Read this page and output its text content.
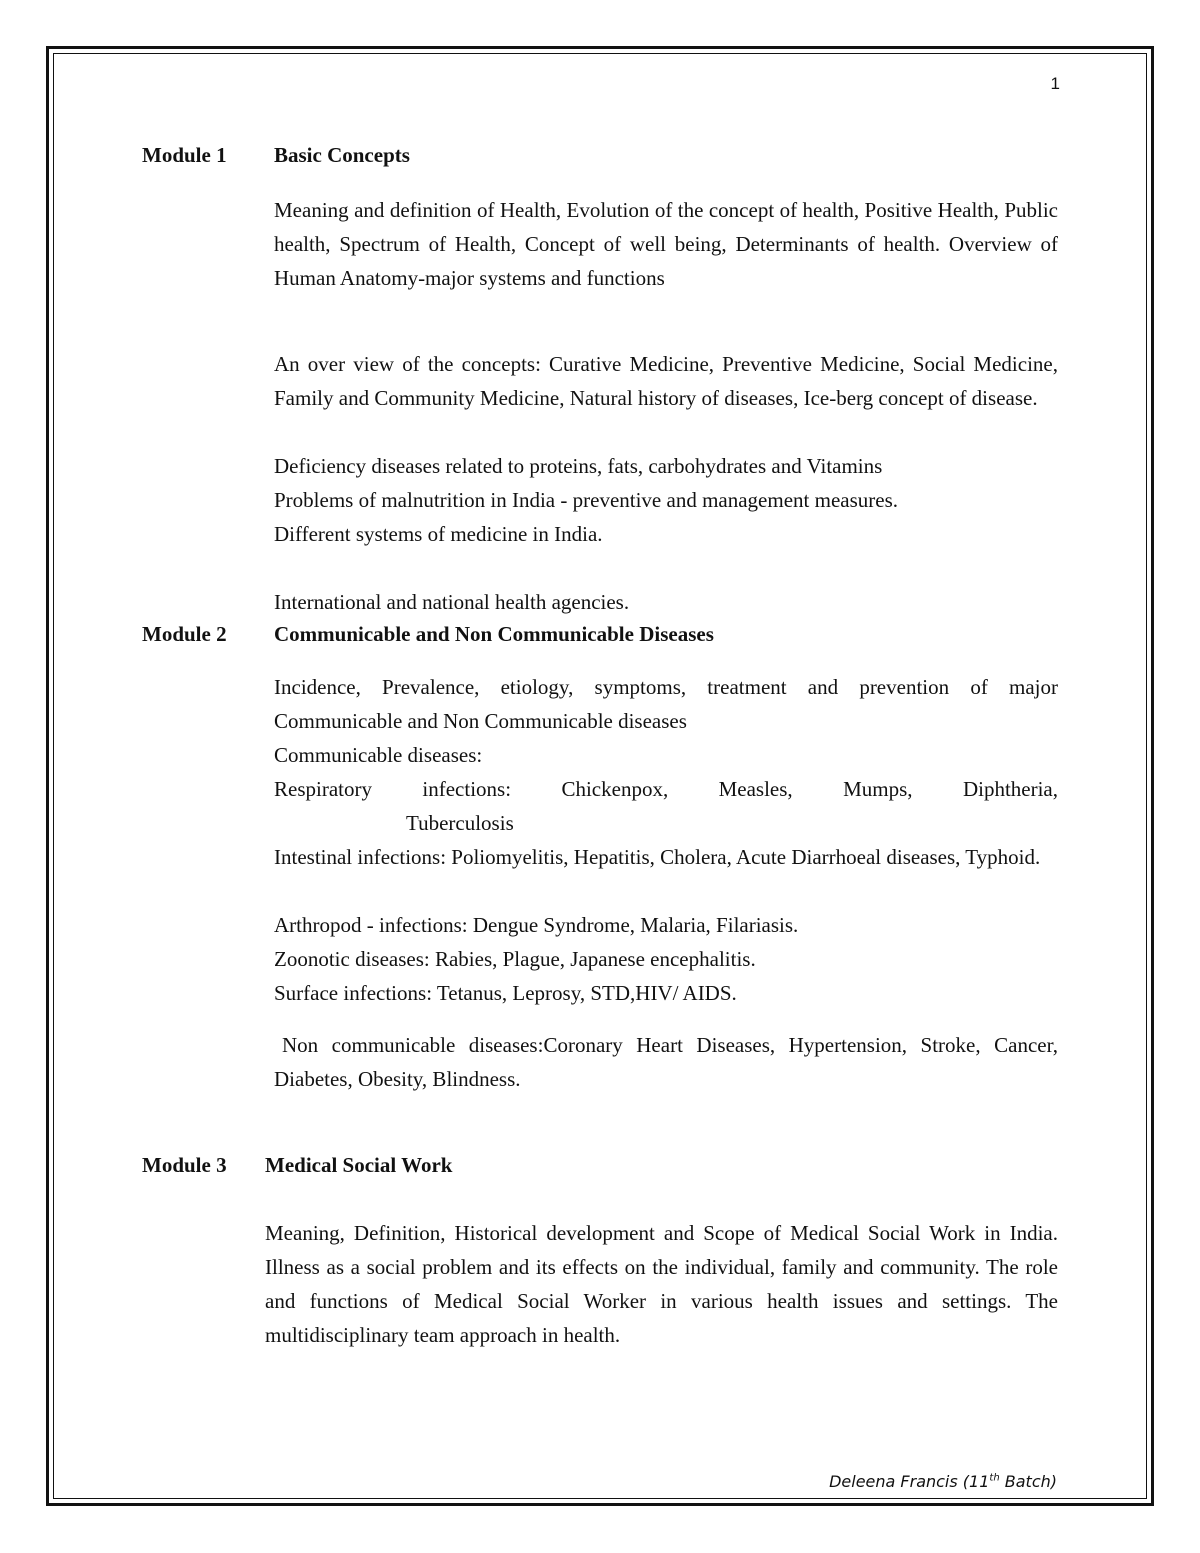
1
Module 1 Basic Concepts
Meaning and definition of Health, Evolution of the concept of health, Positive Health, Public health, Spectrum of Health, Concept of well being, Determinants of health. Overview of Human Anatomy-major systems and functions
An over view of the concepts: Curative Medicine, Preventive Medicine, Social Medicine, Family and Community Medicine, Natural history of diseases, Ice-berg concept of disease.
Deficiency diseases related to proteins, fats, carbohydrates and Vitamins
Problems of malnutrition in India - preventive and management measures.
Different systems of medicine in India.
International and national health agencies.
Module 2 Communicable and Non Communicable Diseases
Incidence, Prevalence, etiology, symptoms, treatment and prevention of major Communicable and Non Communicable diseases
Communicable diseases:
Respiratory infections: Chickenpox, Measles, Mumps, Diphtheria,
Tuberculosis
Intestinal infections: Poliomyelitis, Hepatitis, Cholera, Acute Diarrhoeal diseases, Typhoid.
Arthropod - infections: Dengue Syndrome, Malaria, Filariasis.
Zoonotic diseases: Rabies, Plague, Japanese encephalitis.
Surface infections: Tetanus, Leprosy, STD,HIV/ AIDS.
Non communicable diseases:Coronary Heart Diseases, Hypertension, Stroke, Cancer, Diabetes, Obesity, Blindness.
Module 3 Medical Social Work
Meaning, Definition, Historical development and Scope of Medical Social Work in India. Illness as a social problem and its effects on the individual, family and community. The role and functions of Medical Social Worker in various health issues and settings. The multidisciplinary team approach in health.
Deleena Francis (11th Batch)
